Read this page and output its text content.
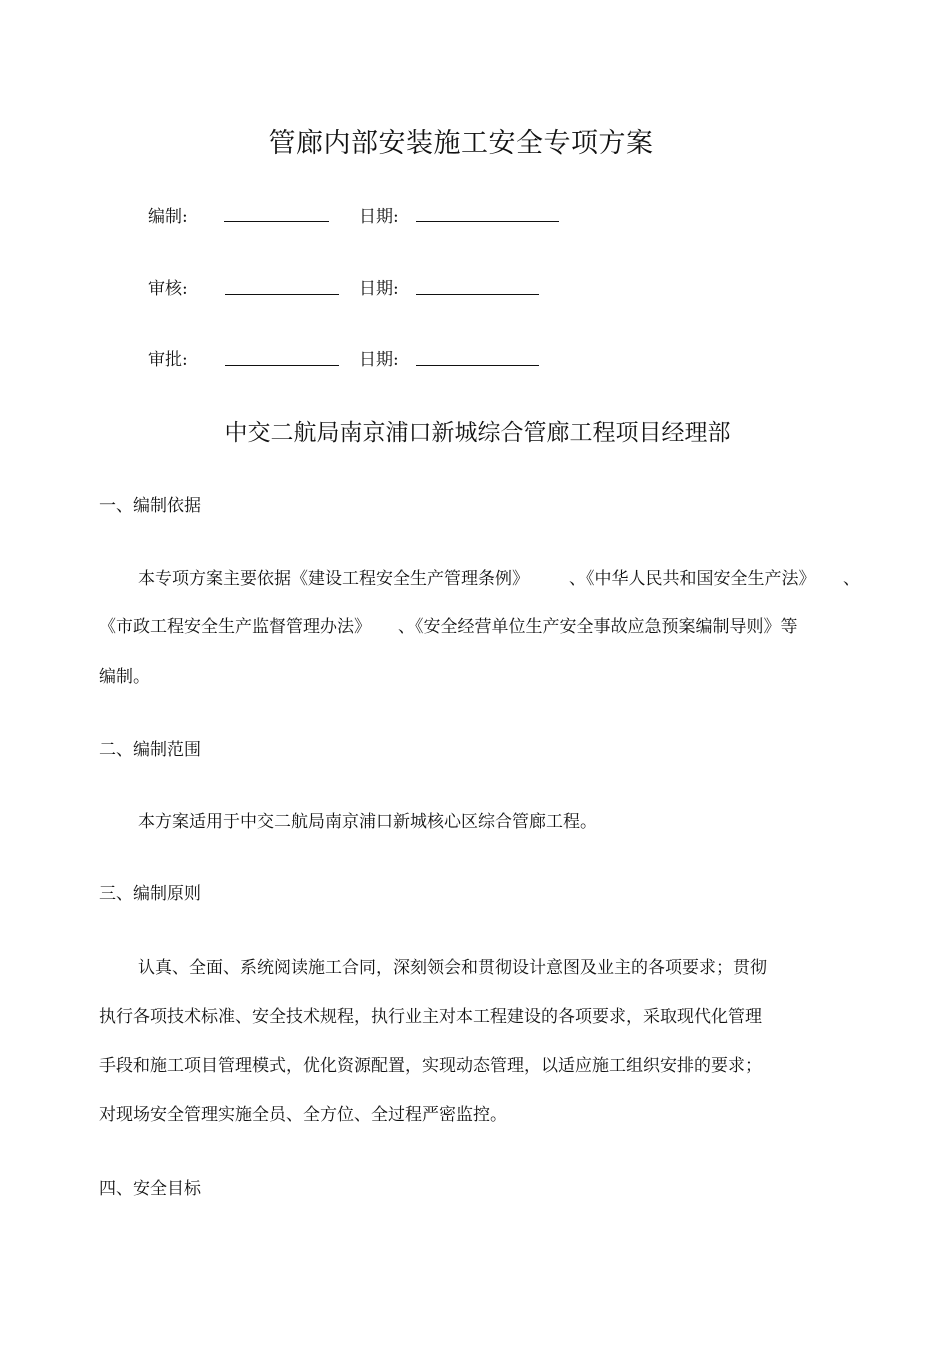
管廊内部安装施工安全专项方案
编制:	日期:
审核:	日期:
审批:	日期:
中交二航局南京浦口新城综合管廊工程项目经理部
一、编制依据
本专项方案主要依据《建设工程安全生产管理条例》 、《中华人民共和国安全生产法》 、
《市政工程安全生产监督管理办法》 、《安全经营单位生产安全事故应急预案编制导则》等
编制。
二、编制范围
本方案适用于中交二航局南京浦口新城核心区综合管廊工程。
三、编制原则
认真、全面、系统阅读施工合同，深刻领会和贯彻设计意图及业主的各项要求；贯彻
执行各项技术标准、安全技术规程，执行业主对本工程建设的各项要求，采取现代化管理
手段和施工项目管理模式，优化资源配置，实现动态管理，以适应施工组织安排的要求；
对现场安全管理实施全员、全方位、全过程严密监控。
四、安全目标
